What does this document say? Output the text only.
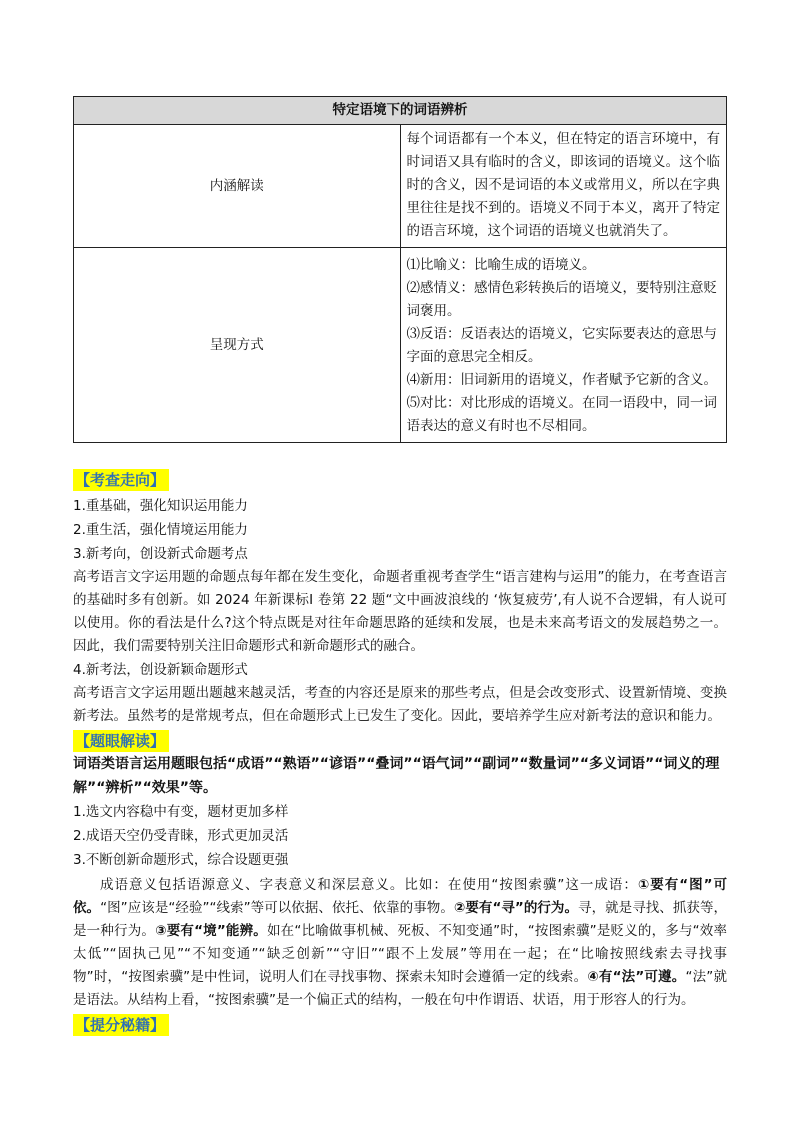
特定语境下的词语辨析	
内涵解读	每个词语都有一个本义，但在特定的语言环境中，有时词语又具有临时的含义，即该词的语境义。这个临时的含义，因不是词语的本义或常用义，所以在字典里往往是找不到的。语境义不同于本义，离开了特定的语言环境，这个词语的语境义也就消失了。
呈现方式	⑴比喻义：比喻生成的语境义。
⑵感情义：感情色彩转换后的语境义，要特别注意贬词褒用。
⑶反语：反语表达的语境义，它实际要表达的意思与字面的意思完全相反。
⑷新用：旧词新用的语境义，作者赋予它新的含义。
⑸对比：对比形成的语境义。在同一语段中，同一词语表达的意义有时也不尽相同。
【考查走向】
1.重基础，强化知识运用能力
2.重生活，强化情境运用能力
3.新考向，创设新式命题考点
高考语言文字运用题的命题点每年都在发生变化，命题者重视考查学生“语言建构与运用”的能力，在考查语言的基础时多有创新。如 2024 年新课标Ⅰ 卷第 22 题“文中画波浪线的 ‘恢复疲劳’,有人说不合逻辑，有人说可以使用。你的看法是什么?这个特点既是对往年命题思路的延续和发展，也是未来高考语文的发展趋势之一。因此，我们需要特别关注旧命题形式和新命题形式的融合。
4.新考法，创设新颖命题形式
高考语言文字运用题出题越来越灵活，考查的内容还是原来的那些考点，但是会改变形式、设置新情境、变换新考法。虽然考的是常规考点，但在命题形式上已发生了变化。因此，要培养学生应对新考法的意识和能力。
【题眼解读】
词语类语言运用题眼包括“成语”“熟语”“谚语”“叠词”“语气词”“副词”“数量词”“多义词语”“词义的理解”“辨析”“效果”等。
1.选文内容稳中有变，题材更加多样
2.成语天空仍受青睐，形式更加灵活
3.不断创新命题形式，综合设题更强
成语意义包括语源意义、字表意义和深层意义。比如：在使用“按图索骥”这一成语：①要有“图”可依。“图”应该是“经验”“线索”等可以依据、依托、依靠的事物。②要有“寻”的行为。寻，就是寻找、抓获等，是一种行为。③要有“境”能辨。如在“比喻做事机械、死板、不知变通”时，“按图索骥”是贬义的，多与“效率太低”“固执己见”“不知变通”“缺乏创新”“守旧”“跟不上发展”等用在一起；在“比喻按照线索去寻找事物”时，“按图索骥”是中性词，说明人们在寻找事物、探索未知时会遵循一定的线索。④有“法”可遵。“法”就是语法。从结构上看，“按图索骥”是一个偏正式的结构，一般在句中作谓语、状语，用于形容人的行为。
【提分秘籍】
